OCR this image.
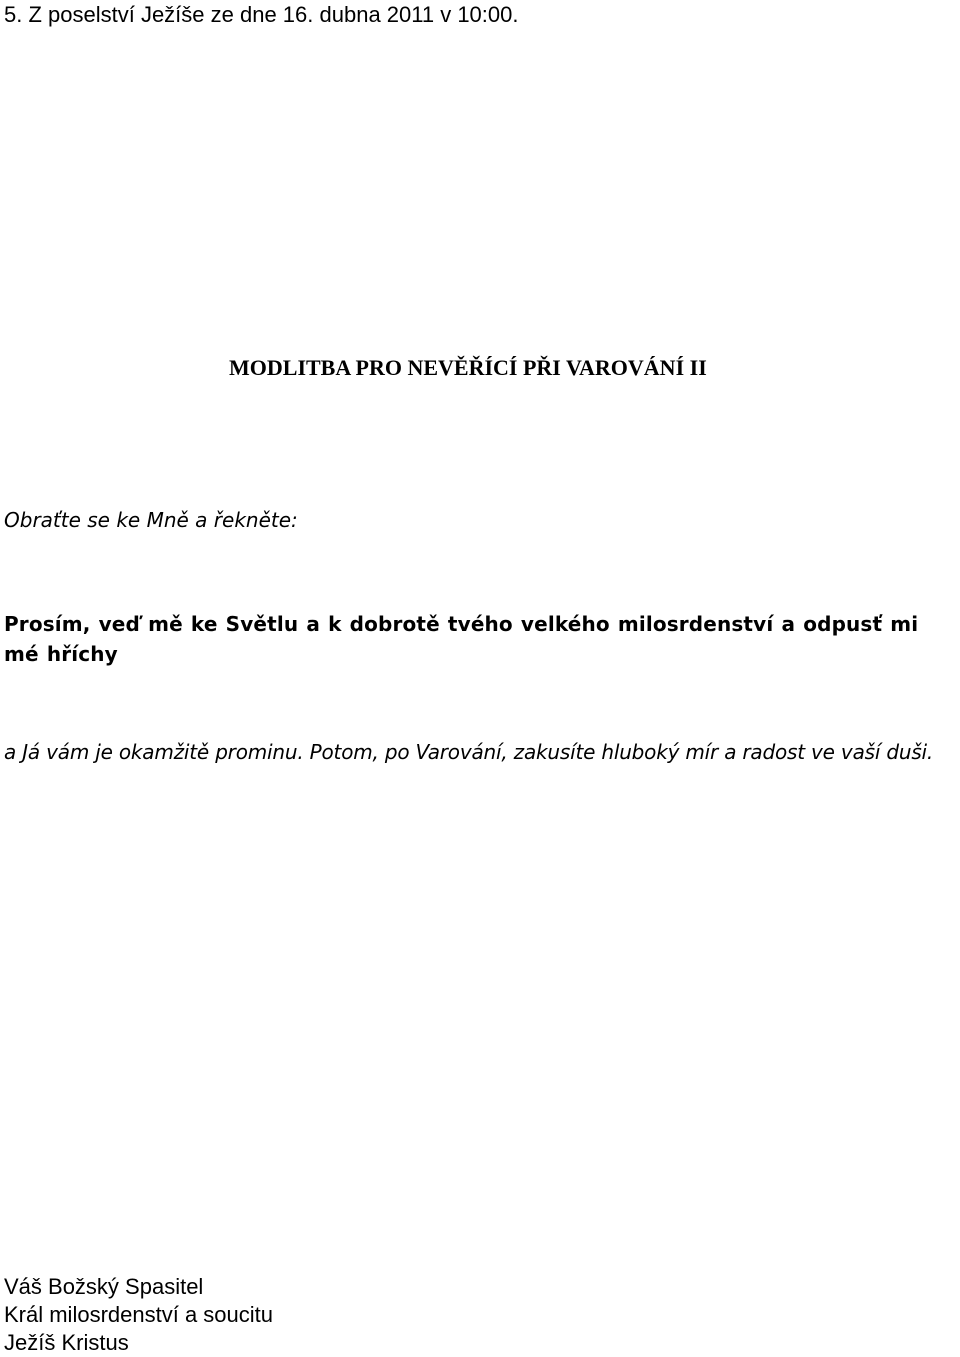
5. Z poselství Ježíše ze dne 16. dubna 2011 v 10:00.
MODLITBA PRO NEVĚŘÍCÍ PŘI VAROVÁNÍ II
Obraťte se ke Mně a řekněte:
Prosím, veď mě ke Světlu a k dobrotě tvého velkého milosrdenství a odpusť mi mé hříchy
a Já vám je okamžitě prominu. Potom, po Varování, zakusíte hluboký mír a radost ve vaší duši.
Váš Božský Spasitel
Král milosrdenství a soucitu
Ježíš Kristus
